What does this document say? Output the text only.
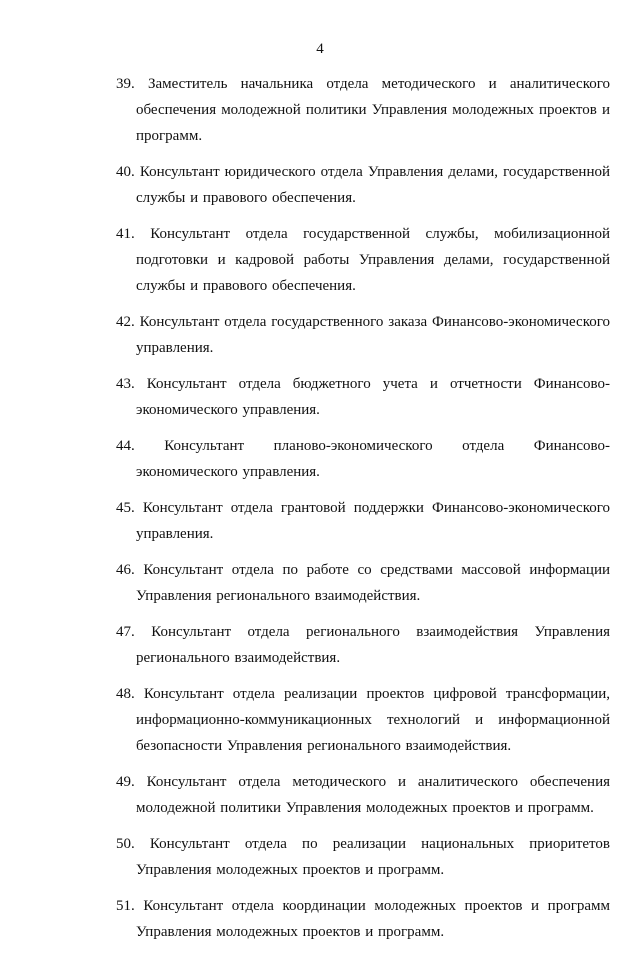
4
39. Заместитель начальника отдела методического и аналитического обеспечения молодежной политики Управления молодежных проектов и программ.
40. Консультант юридического отдела Управления делами, государственной службы и правового обеспечения.
41. Консультант отдела государственной службы, мобилизационной подготовки и кадровой работы Управления делами, государственной службы и правового обеспечения.
42. Консультант отдела государственного заказа Финансово-экономического управления.
43. Консультант отдела бюджетного учета и отчетности Финансово-экономического управления.
44. Консультант планово-экономического отдела Финансово-экономического управления.
45. Консультант отдела грантовой поддержки Финансово-экономического управления.
46. Консультант отдела по работе со средствами массовой информации Управления регионального взаимодействия.
47. Консультант отдела регионального взаимодействия Управления регионального взаимодействия.
48. Консультант отдела реализации проектов цифровой трансформации, информационно-коммуникационных технологий и информационной безопасности Управления регионального взаимодействия.
49. Консультант отдела методического и аналитического обеспечения молодежной политики Управления молодежных проектов и программ.
50. Консультант отдела по реализации национальных приоритетов Управления молодежных проектов и программ.
51. Консультант отдела координации молодежных проектов и программ Управления молодежных проектов и программ.
